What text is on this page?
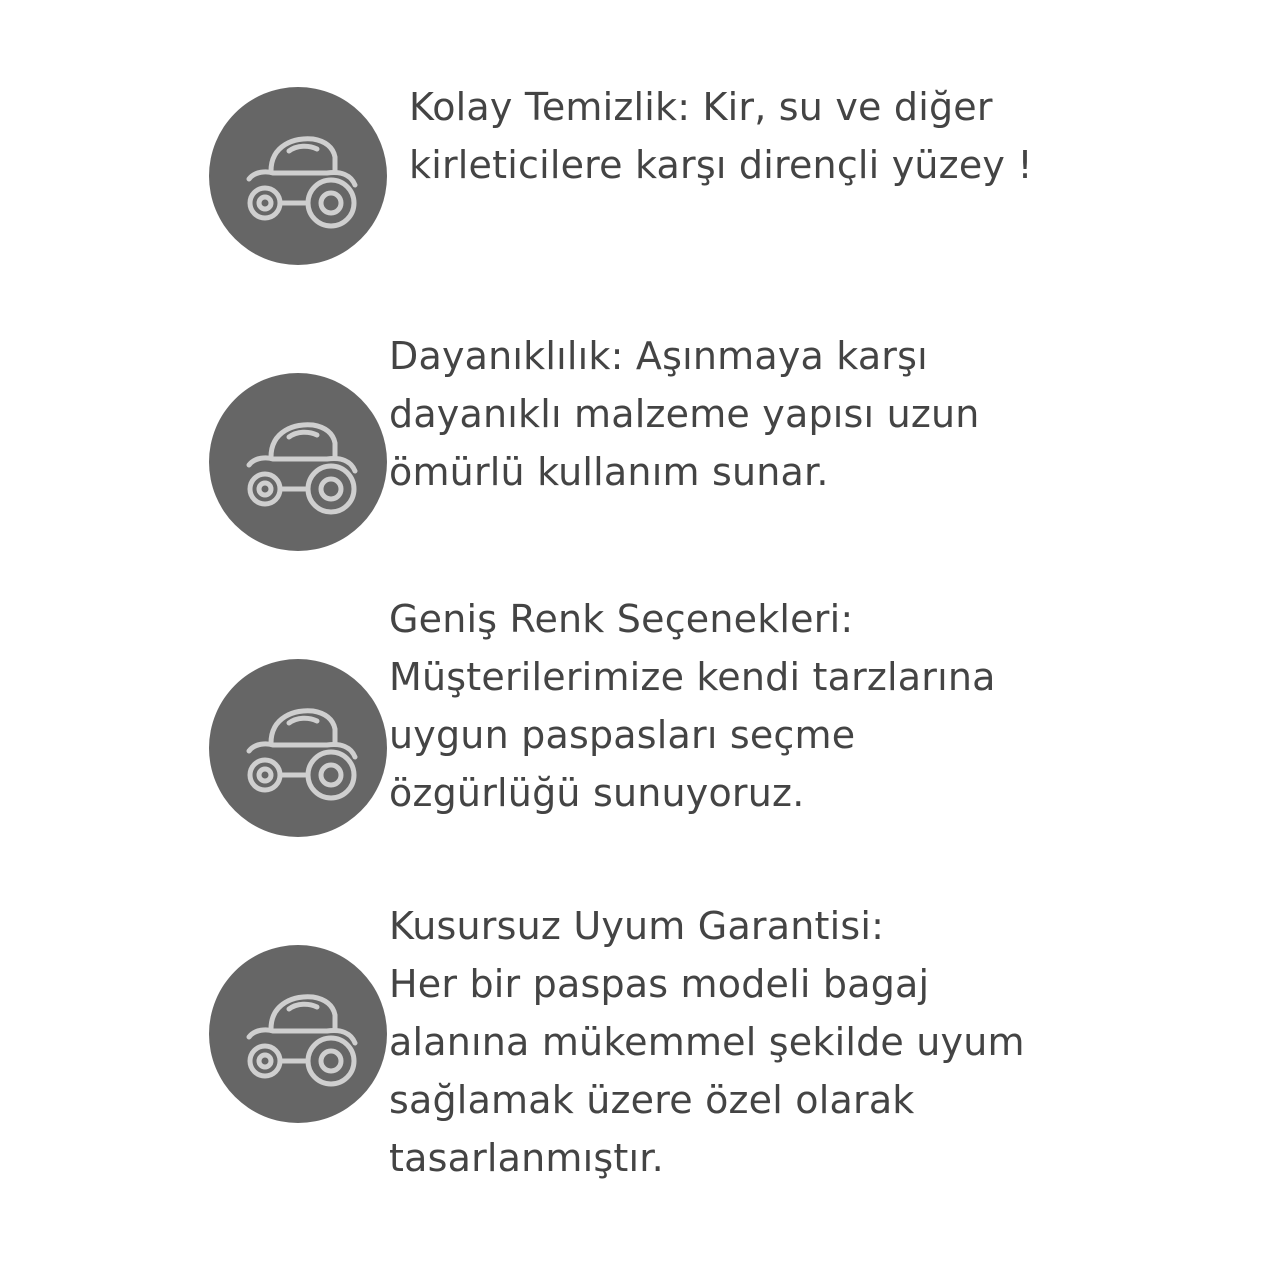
Kolay Temizlik: Kir, su ve diğer
kirleticilere karşı dirençli yüzey !
Dayanıklılık: Aşınmaya karşı
dayanıklı malzeme yapısı uzun
ömürlü kullanım sunar.
Geniş Renk Seçenekleri:
Müşterilerimize kendi tarzlarına
uygun paspasları seçme
özgürlüğü sunuyoruz.
Kusursuz Uyum Garantisi:
Her bir paspas modeli bagaj
alanına mükemmel şekilde uyum
sağlamak üzere özel olarak
tasarlanmıştır.
